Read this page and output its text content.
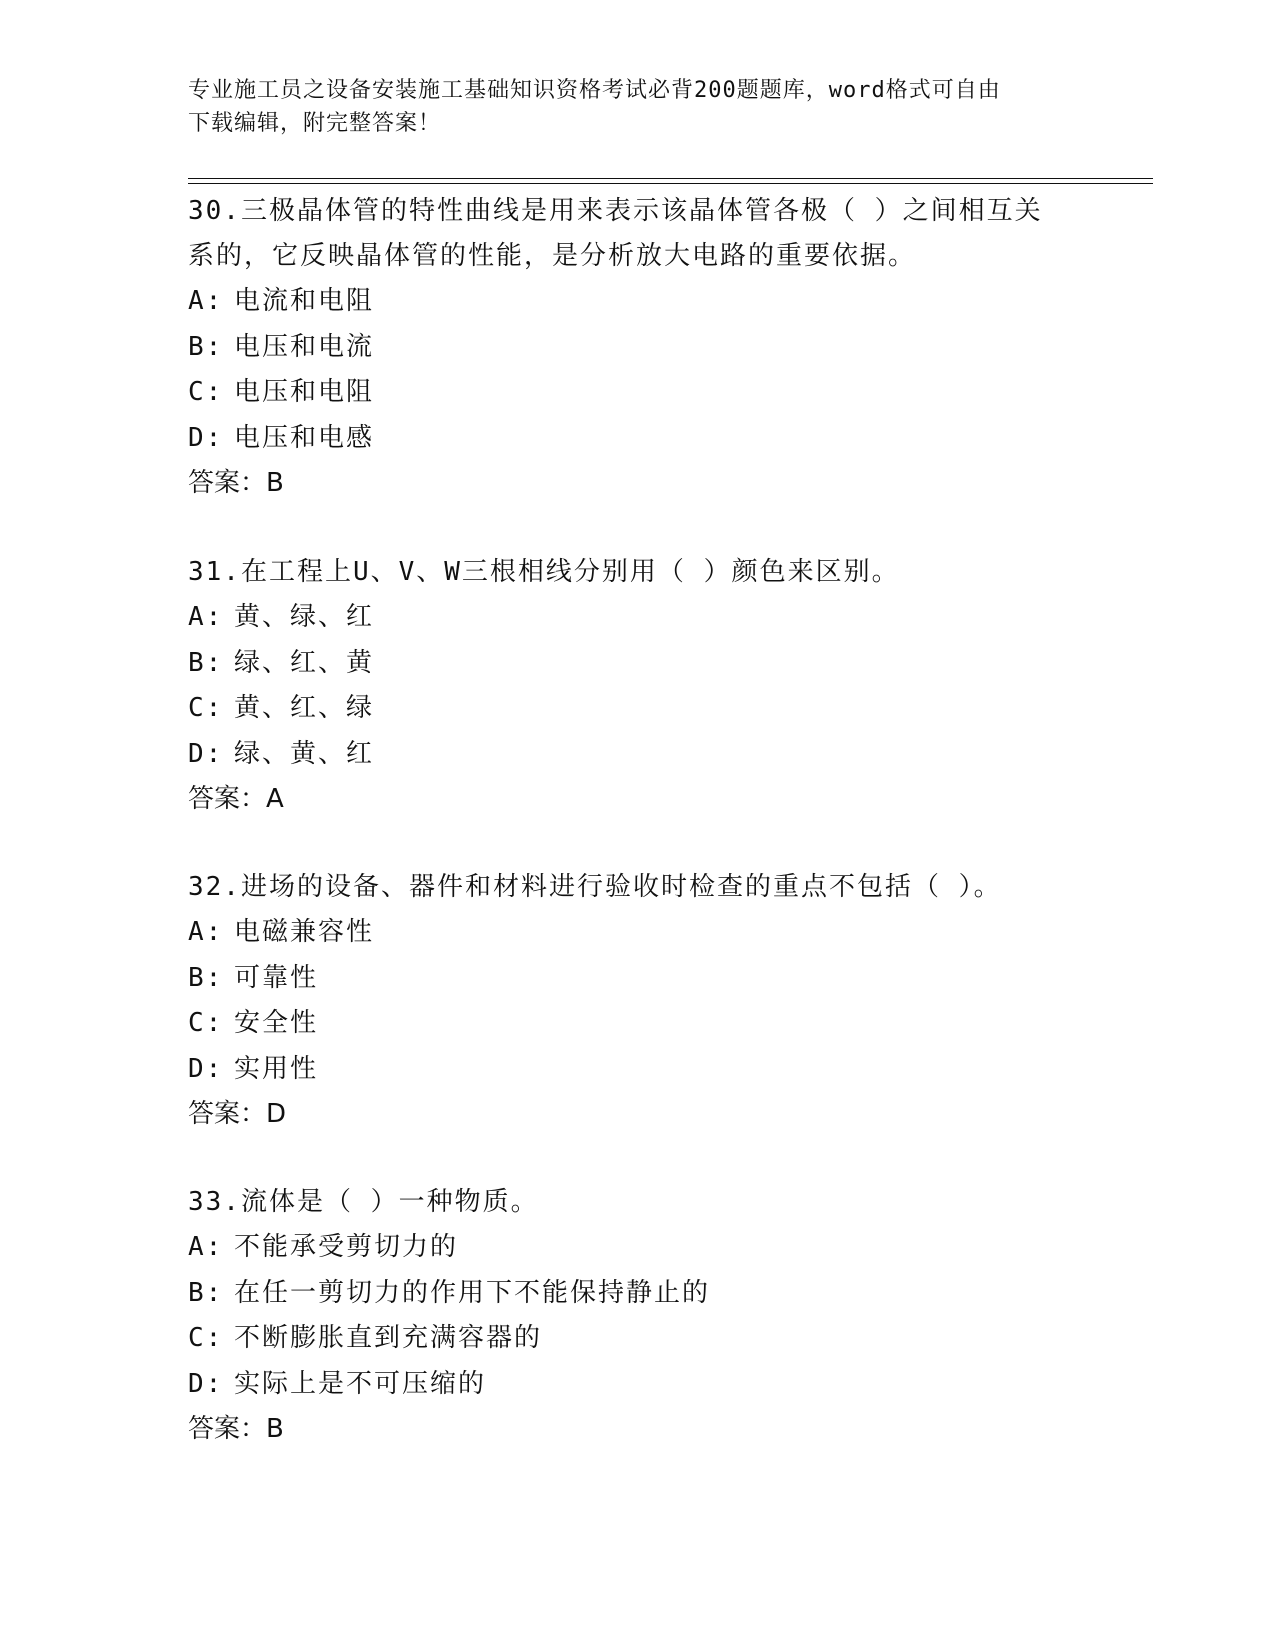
专业施工员之设备安装施工基础知识资格考试必背200题题库，word格式可自由
下载编辑，附完整答案！

30.三极晶体管的特性曲线是用来表示该晶体管各极（ ）之间相互关

系的，它反映晶体管的性能，是分析放大电路的重要依据。

A: 电流和电阻

B: 电压和电流

C: 电压和电阻

D: 电压和电感

答案：B

31.在工程上U、V、W三根相线分别用（ ）颜色来区别。

A: 黄、绿、红

B: 绿、红、黄

C: 黄、红、绿

D: 绿、黄、红

答案：A

32.进场的设备、器件和材料进行验收时检查的重点不包括（ ）。

A: 电磁兼容性

B: 可靠性

C: 安全性

D: 实用性

答案：D

33.流体是（ ）一种物质。

A: 不能承受剪切力的

B: 在任一剪切力的作用下不能保持静止的

C: 不断膨胀直到充满容器的

D: 实际上是不可压缩的

答案：B
